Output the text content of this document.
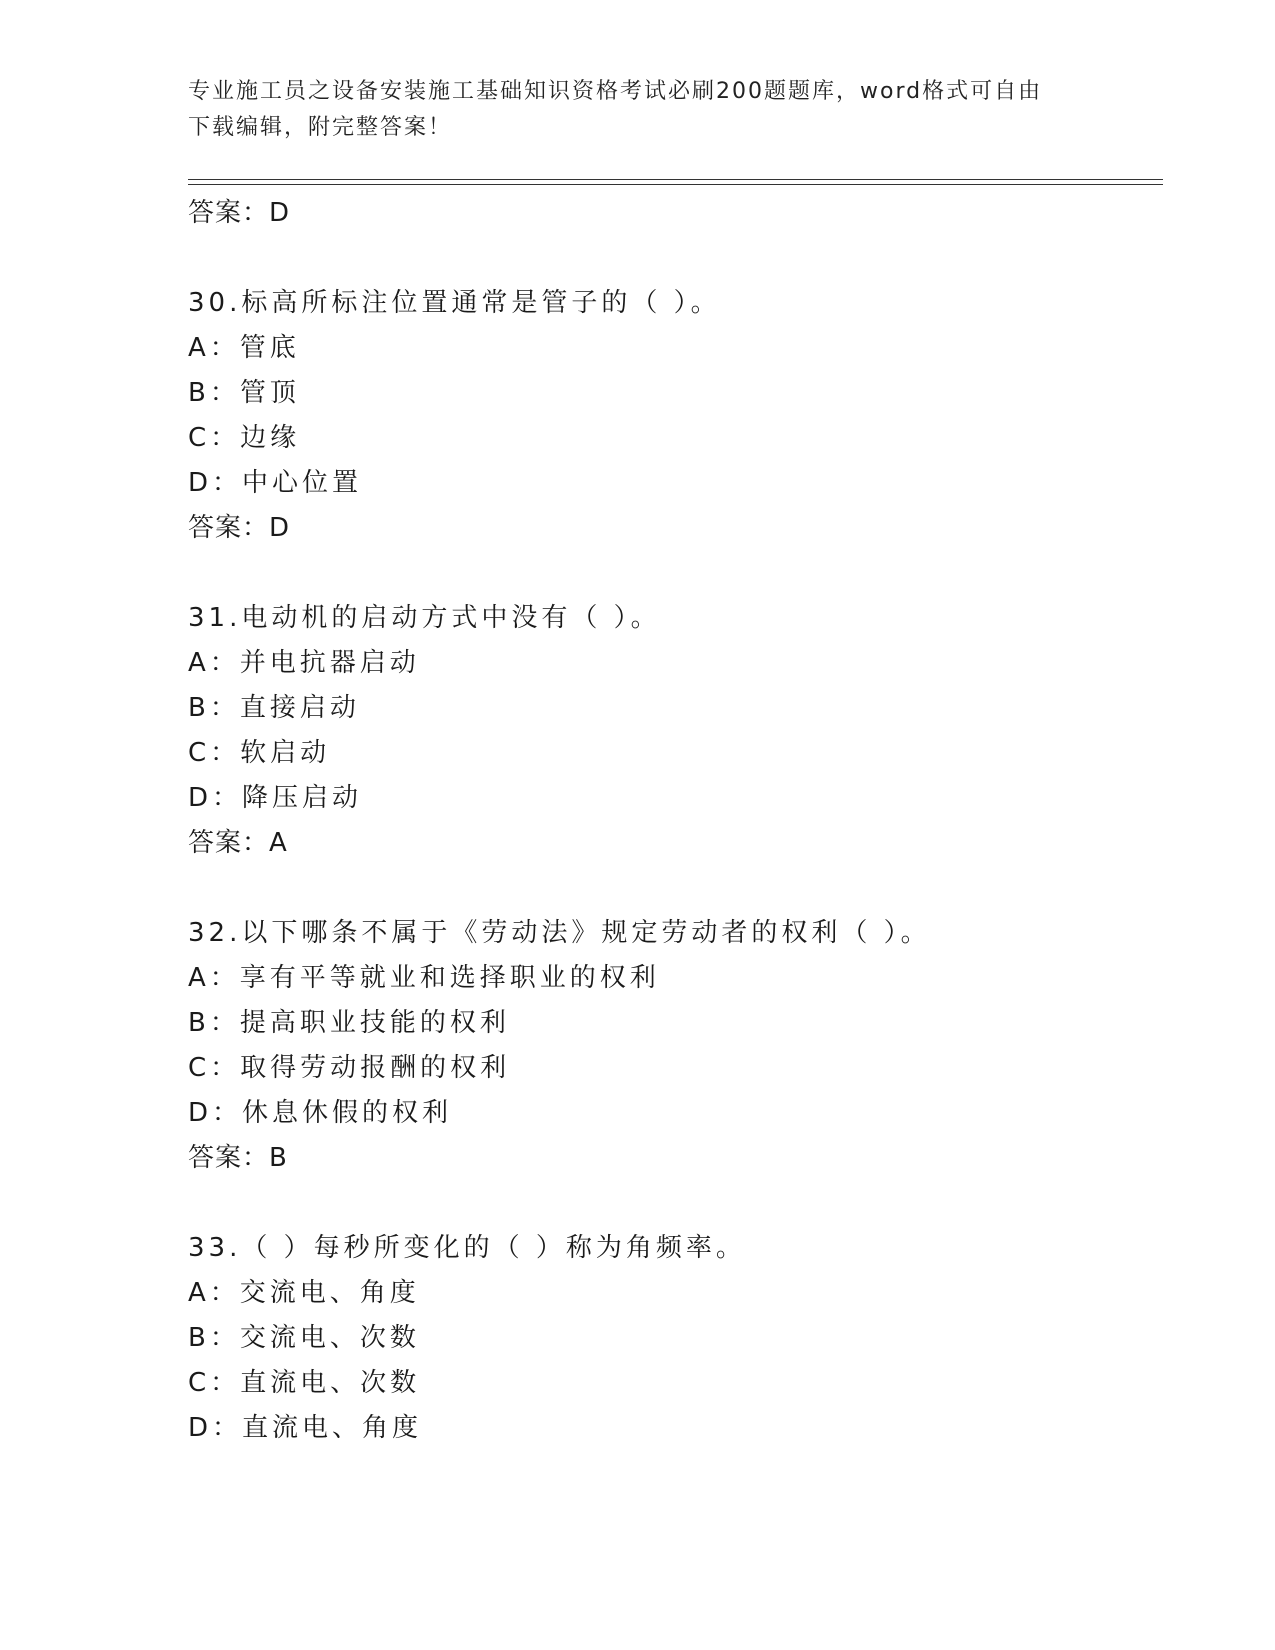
专业施工员之设备安装施工基础知识资格考试必刷200题题库，word格式可自由
下载编辑，附完整答案！
答案：D
30.标高所标注位置通常是管子的（ ）。
A：管底
B：管顶
C：边缘
D：中心位置
答案：D
31.电动机的启动方式中没有（ ）。
A：并电抗器启动
B：直接启动
C：软启动
D：降压启动
答案：A
32.以下哪条不属于《劳动法》规定劳动者的权利（ ）。
A：享有平等就业和选择职业的权利
B：提高职业技能的权利
C：取得劳动报酬的权利
D：休息休假的权利
答案：B
33.（ ）每秒所变化的（ ）称为角频率。
A：交流电、角度
B：交流电、次数
C：直流电、次数
D：直流电、角度
